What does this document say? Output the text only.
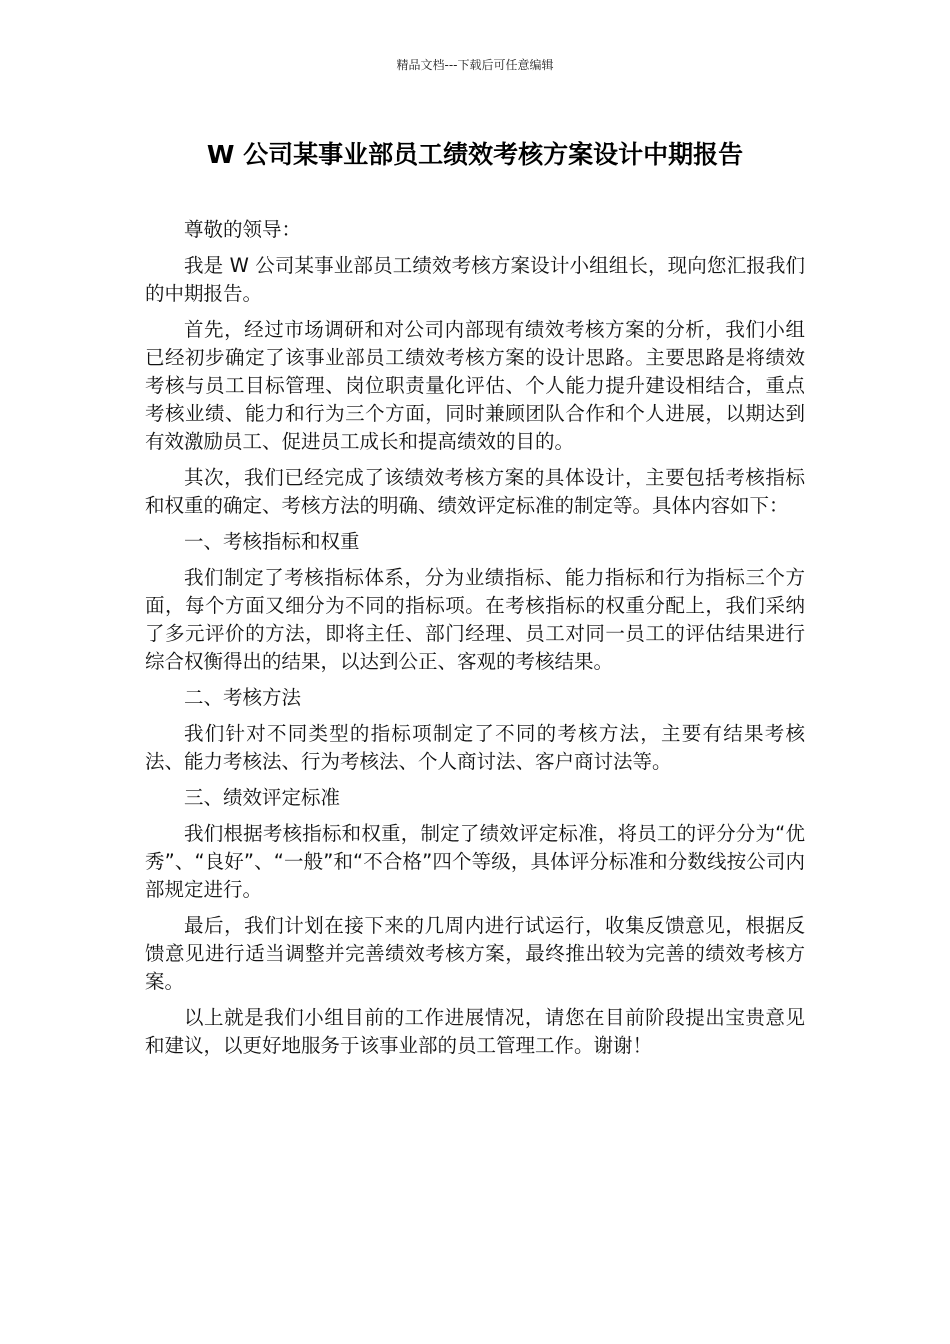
精品文档---下载后可任意编辑
W 公司某事业部员工绩效考核方案设计中期报告

尊敬的领导：

我是 W 公司某事业部员工绩效考核方案设计小组组长，现向您汇报我们的中期报告。

首先，经过市场调研和对公司内部现有绩效考核方案的分析，我们小组已经初步确定了该事业部员工绩效考核方案的设计思路。主要思路是将绩效考核与员工目标管理、岗位职责量化评估、个人能力提升建设相结合，重点考核业绩、能力和行为三个方面，同时兼顾团队合作和个人进展，以期达到有效激励员工、促进员工成长和提高绩效的目的。

其次，我们已经完成了该绩效考核方案的具体设计，主要包括考核指标和权重的确定、考核方法的明确、绩效评定标准的制定等。具体内容如下：

一、考核指标和权重

我们制定了考核指标体系，分为业绩指标、能力指标和行为指标三个方面，每个方面又细分为不同的指标项。在考核指标的权重分配上，我们采纳了多元评价的方法，即将主任、部门经理、员工对同一员工的评估结果进行综合权衡得出的结果，以达到公正、客观的考核结果。

二、考核方法

我们针对不同类型的指标项制定了不同的考核方法，主要有结果考核法、能力考核法、行为考核法、个人商讨法、客户商讨法等。

三、绩效评定标准

我们根据考核指标和权重，制定了绩效评定标准，将员工的评分分为“优秀”、“良好”、“一般”和“不合格”四个等级，具体评分标准和分数线按公司内部规定进行。

最后，我们计划在接下来的几周内进行试运行，收集反馈意见，根据反馈意见进行适当调整并完善绩效考核方案，最终推出较为完善的绩效考核方案。

以上就是我们小组目前的工作进展情况，请您在目前阶段提出宝贵意见和建议，以更好地服务于该事业部的员工管理工作。谢谢！
